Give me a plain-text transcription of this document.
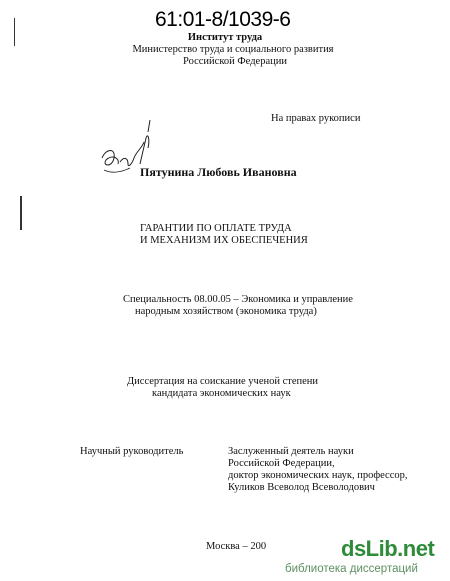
61:01-8/1039-6
Институт труда
Министерство труда и социального развития
Российской Федерации
На правах рукописи
Пятунина Любовь Ивановна
ГАРАНТИИ ПО ОПЛАТЕ ТРУДА
И МЕХАНИЗМ ИХ ОБЕСПЕЧЕНИЯ
Специальность 08.00.05 – Экономика и управление
народным хозяйством (экономика труда)
Диссертация на соискание ученой степени
кандидата экономических наук
Научный руководитель	Заслуженный деятель науки
Российской Федерации,
доктор экономических наук, профессор,
Куликов Всеволод Всеволодович
Москва – 200	dsLib.net
библиотека диссертаций
